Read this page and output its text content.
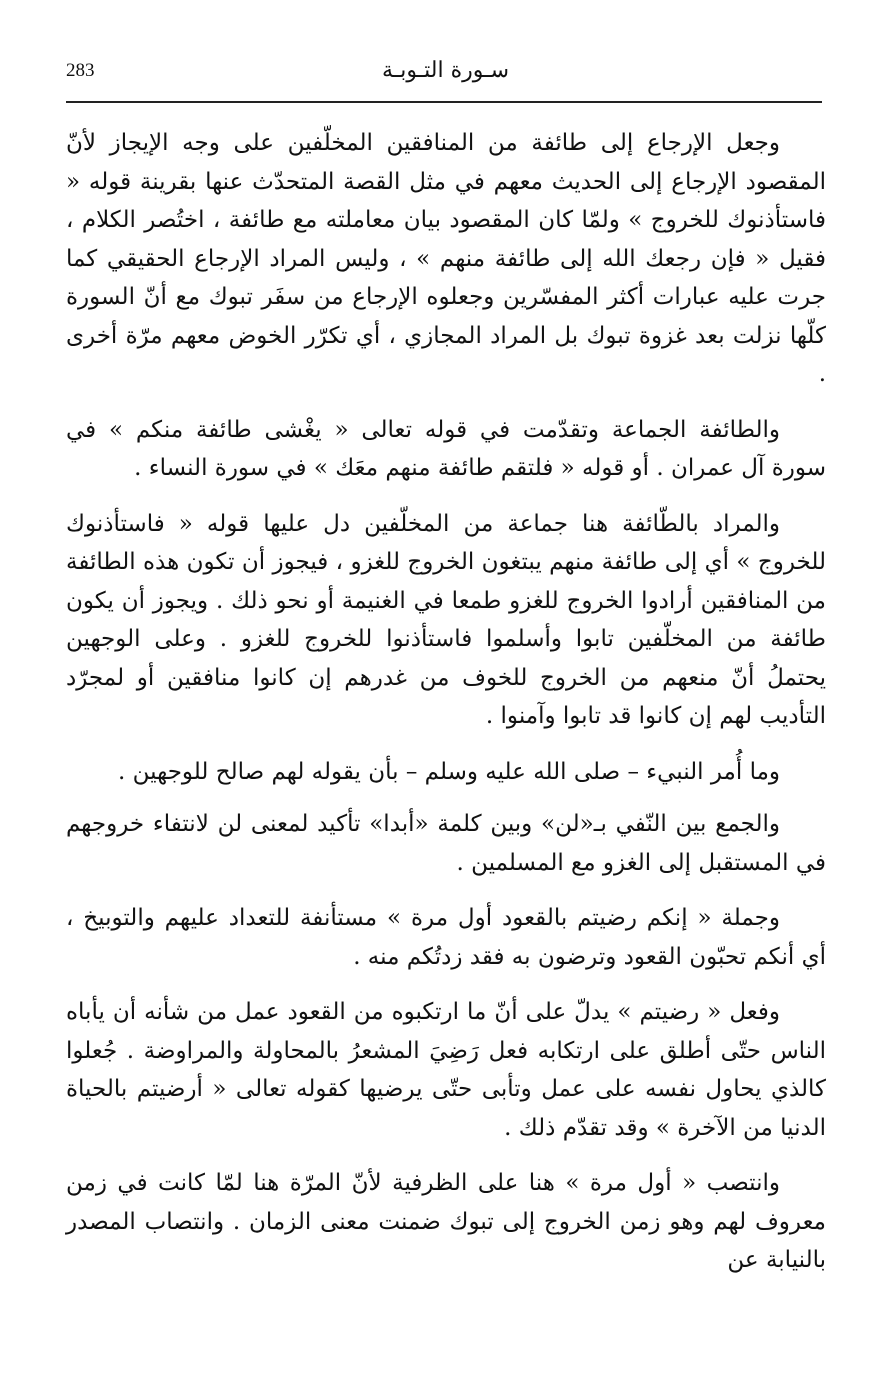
283	سـورة التـوبـة

وجعل الإرجاع إلى طائفة من المنافقين المخلّفين على وجه الإيجاز لأنّ المقصود الإرجاع إلى الحديث معهم في مثل القصة المتحدّث عنها بقرينة قوله « فاستأذنوك للخروج » ولمّا كان المقصود بيان معاملته مع طائفة ، اختُصر الكلام ، فقيل « فإن رجعك الله إلى طائفة منهم » ، وليس المراد الإرجاع الحقيقي كما جرت عليه عبارات أكثر المفسّرين وجعلوه الإرجاع من سفَر تبوك مع أنّ السورة كلّها نزلت بعد غزوة تبوك بل المراد المجازي ، أي تكرّر الخوض معهم مرّة أخرى .

والطائفة الجماعة وتقدّمت في قوله تعالى « يغْشى طائفة منكم » في سورة آل عمران . أو قوله « فلتقم طائفة منهم معَك » في سورة النساء .

والمراد بالطّائفة هنا جماعة من المخلّفين دل عليها قوله « فاستأذنوك للخروج » أي إلى طائفة منهم يبتغون الخروج للغزو ، فيجوز أن تكون هذه الطائفة من المنافقين أرادوا الخروج للغزو طمعا في الغنيمة أو نحو ذلك . ويجوز أن يكون طائفة من المخلّفين تابوا وأسلموا فاستأذنوا للخروج للغزو . وعلى الوجهين يحتملُ أنّ منعهم من الخروج للخوف من غدرهم إن كانوا منافقين أو لمجرّد التأديب لهم إن كانوا قد تابوا وآمنوا .

وما أُمر النبيء – صلى الله عليه وسلم – بأن يقوله لهم صالح للوجهين .

والجمع بين النّفي بـ«لن» وبين كلمة «أبدا» تأكيد لمعنى لن لانتفاء خروجهم في المستقبل إلى الغزو مع المسلمين .

وجملة « إنكم رضيتم بالقعود أول مرة » مستأنفة للتعداد عليهم والتوبيخ ، أي أنكم تحبّون القعود وترضون به فقد زدتُكم منه .

وفعل « رضيتم » يدلّ على أنّ ما ارتكبوه من القعود عمل من شأنه أن يأباه الناس حتّى أطلق على ارتكابه فعل رَضِيَ المشعرُ بالمحاولة والمراوضة . جُعلوا كالذي يحاول نفسه على عمل وتأبى حتّى يرضيها كقوله تعالى « أرضيتم بالحياة الدنيا من الآخرة » وقد تقدّم ذلك .

وانتصب « أول مرة » هنا على الظرفية لأنّ المرّة هنا لمّا كانت في زمن معروف لهم وهو زمن الخروج إلى تبوك ضمنت معنى الزمان . وانتصاب المصدر بالنيابة عن
